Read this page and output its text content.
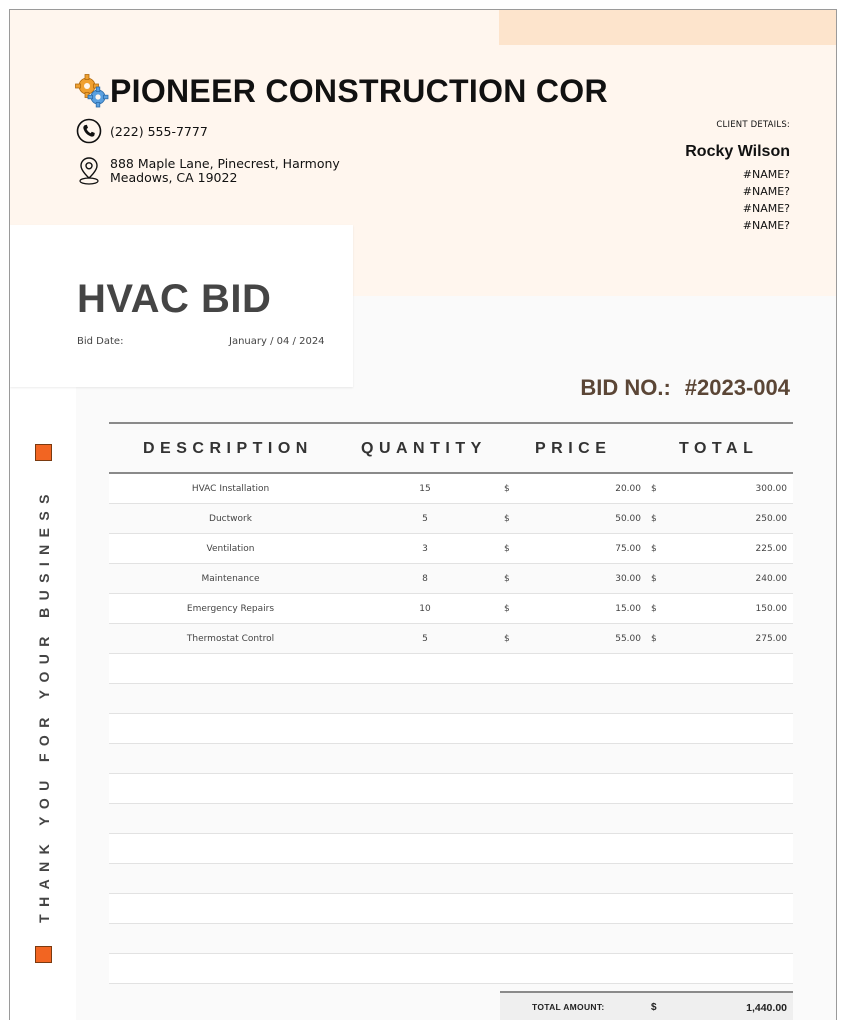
PIONEER CONSTRUCTION COR
(222) 555-7777
888 Maple Lane, Pinecrest, Harmony Meadows, CA 19022
CLIENT DETAILS:
Rocky Wilson
#NAME?
#NAME?
#NAME?
#NAME?
HVAC BID
Bid Date:	January / 04 / 2024
BID NO.: #2023-004
THANK YOU FOR YOUR BUSINESS
DESCRIPTION	QUANTITY	PRICE	TOTAL
HVAC Installation	15	$	20.00 $	300.00
Ductwork	5	$	50.00 $	250.00
Ventilation	3	$	75.00 $	225.00
Maintenance	8	$	30.00 $	240.00
Emergency Repairs	10	$	15.00 $	150.00
Thermostat Control	5	$	55.00 $	275.00
TOTAL AMOUNT:	$	1,440.00
